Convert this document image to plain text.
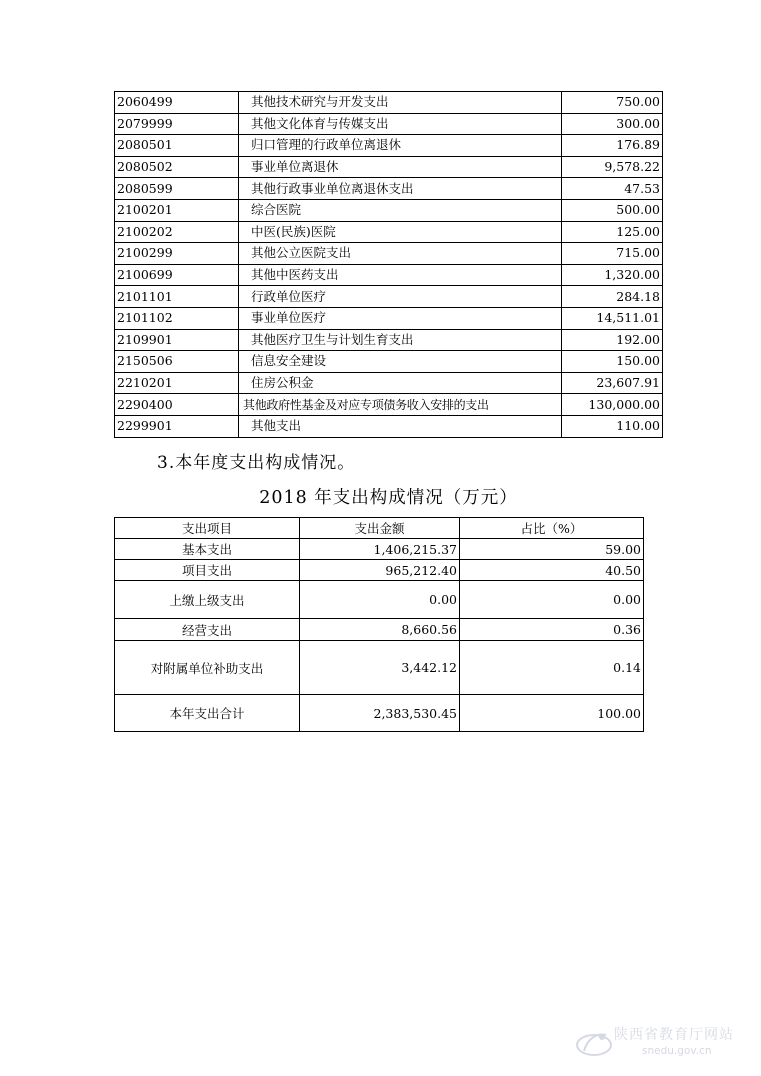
2060499	其他技术研究与开发支出	750.00
2079999	其他文化体育与传媒支出	300.00
2080501	归口管理的行政单位离退休	176.89
2080502	事业单位离退休	9,578.22
2080599	其他行政事业单位离退休支出	47.53
2100201	综合医院	500.00
2100202	中医(民族)医院	125.00
2100299	其他公立医院支出	715.00
2100699	其他中医药支出	1,320.00
2101101	行政单位医疗	284.18
2101102	事业单位医疗	14,511.01
2109901	其他医疗卫生与计划生育支出	192.00
2150506	信息安全建设	150.00
2210201	住房公积金	23,607.91
2290400	其他政府性基金及对应专项债务收入安排的支出	130,000.00
2299901	其他支出	110.00
3.本年度支出构成情况。
2018 年支出构成情况（万元）
支出项目	支出金额	占比（%）
基本支出	1,406,215.37	59.00
项目支出	965,212.40	40.50
上缴上级支出	0.00	0.00
经营支出	8,660.56	0.36
对附属单位补助支出	3,442.12	0.14
本年支出合计	2,383,530.45	100.00
陕西省教育厅网站
snedu.gov.cn
